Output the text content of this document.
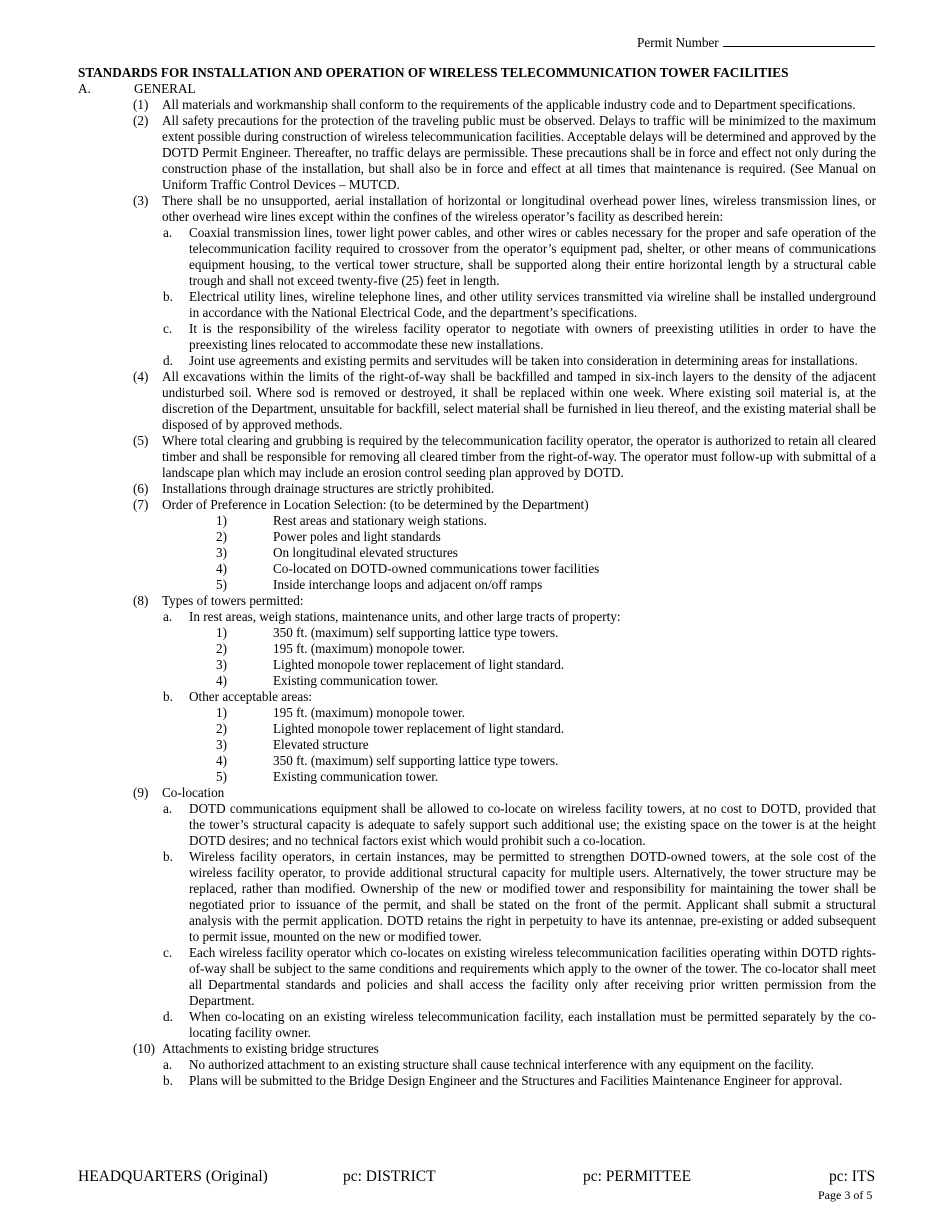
Permit Number
STANDARDS FOR INSTALLATION AND OPERATION OF WIRELESS TELECOMMUNICATION TOWER FACILITIES
A.	GENERAL
(1)	All materials and workmanship shall conform to the requirements of the applicable industry code and to Department specifications.
(2)	All safety precautions for the protection of the traveling public must be observed. Delays to traffic will be minimized to the maximum extent possible during construction of wireless telecommunication facilities. Acceptable delays will be determined and approved by the DOTD Permit Engineer. Thereafter, no traffic delays are permissible. These precautions shall be in force and effect not only during the construction phase of the installation, but shall also be in force and effect at all times that maintenance is required. (See Manual on Uniform Traffic Control Devices – MUTCD.
(3)	There shall be no unsupported, aerial installation of horizontal or longitudinal overhead power lines, wireless transmission lines, or other overhead wire lines except within the confines of the wireless operator’s facility as described herein:
a.	Coaxial transmission lines, tower light power cables, and other wires or cables necessary for the proper and safe operation of the telecommunication facility required to crossover from the operator’s equipment pad, shelter, or other means of communications equipment housing, to the vertical tower structure, shall be supported along their entire horizontal length by a structural cable trough and shall not exceed twenty-five (25) feet in length.
b.	Electrical utility lines, wireline telephone lines, and other utility services transmitted via wireline shall be installed underground in accordance with the National Electrical Code, and the department’s specifications.
c.	It is the responsibility of the wireless facility operator to negotiate with owners of preexisting utilities in order to have the preexisting lines relocated to accommodate these new installations.
d.	Joint use agreements and existing permits and servitudes will be taken into consideration in determining areas for installations.
(4)	All excavations within the limits of the right-of-way shall be backfilled and tamped in six-inch layers to the density of the adjacent undisturbed soil. Where sod is removed or destroyed, it shall be replaced within one week. Where existing soil material is, at the discretion of the Department, unsuitable for backfill, select material shall be furnished in lieu thereof, and the existing material shall be disposed of by approved methods.
(5)	Where total clearing and grubbing is required by the telecommunication facility operator, the operator is authorized to retain all cleared timber and shall be responsible for removing all cleared timber from the right-of-way. The operator must follow-up with submittal of a landscape plan which may include an erosion control seeding plan approved by DOTD.
(6)	Installations through drainage structures are strictly prohibited.
(7)	Order of Preference in Location Selection: (to be determined by the Department)
1)	Rest areas and stationary weigh stations.
2)	Power poles and light standards
3)	On longitudinal elevated structures
4)	Co-located on DOTD-owned communications tower facilities
5)	Inside interchange loops and adjacent on/off ramps
(8)	Types of towers permitted:
a.	In rest areas, weigh stations, maintenance units, and other large tracts of property:
1)	350 ft. (maximum) self supporting lattice type towers.
2)	195 ft. (maximum) monopole tower.
3)	Lighted monopole tower replacement of light standard.
4)	Existing communication tower.
b.	Other acceptable areas:
1)	195 ft. (maximum) monopole tower.
2)	Lighted monopole tower replacement of light standard.
3)	Elevated structure
4)	350 ft. (maximum) self supporting lattice type towers.
5)	Existing communication tower.
(9)	Co-location
a.	DOTD communications equipment shall be allowed to co-locate on wireless facility towers, at no cost to DOTD, provided that the tower’s structural capacity is adequate to safely support such additional use; the existing space on the tower is at the height DOTD desires; and no technical factors exist which would prohibit such a co-location.
b.	Wireless facility operators, in certain instances, may be permitted to strengthen DOTD-owned towers, at the sole cost of the wireless facility operator, to provide additional structural capacity for multiple users. Alternatively, the tower structure may be replaced, rather than modified. Ownership of the new or modified tower and responsibility for maintaining the tower shall be negotiated prior to issuance of the permit, and shall be stated on the front of the permit. Applicant shall submit a structural analysis with the permit application. DOTD retains the right in perpetuity to have its antennae, pre-existing or added subsequent to permit issue, mounted on the new or modified tower.
c.	Each wireless facility operator which co-locates on existing wireless telecommunication facilities operating within DOTD rights-of-way shall be subject to the same conditions and requirements which apply to the owner of the tower. The co-locator shall meet all Departmental standards and policies and shall access the facility only after receiving prior written permission from the Department.
d.	When co-locating on an existing wireless telecommunication facility, each installation must be permitted separately by the co-locating facility owner.
(10) Attachments to existing bridge structures
a.	No authorized attachment to an existing structure shall cause technical interference with any equipment on the facility.
b.	Plans will be submitted to the Bridge Design Engineer and the Structures and Facilities Maintenance Engineer for approval.
HEADQUARTERS (Original)	pc: DISTRICT	pc: PERMITTEE	pc: ITS
Page 3 of 5
